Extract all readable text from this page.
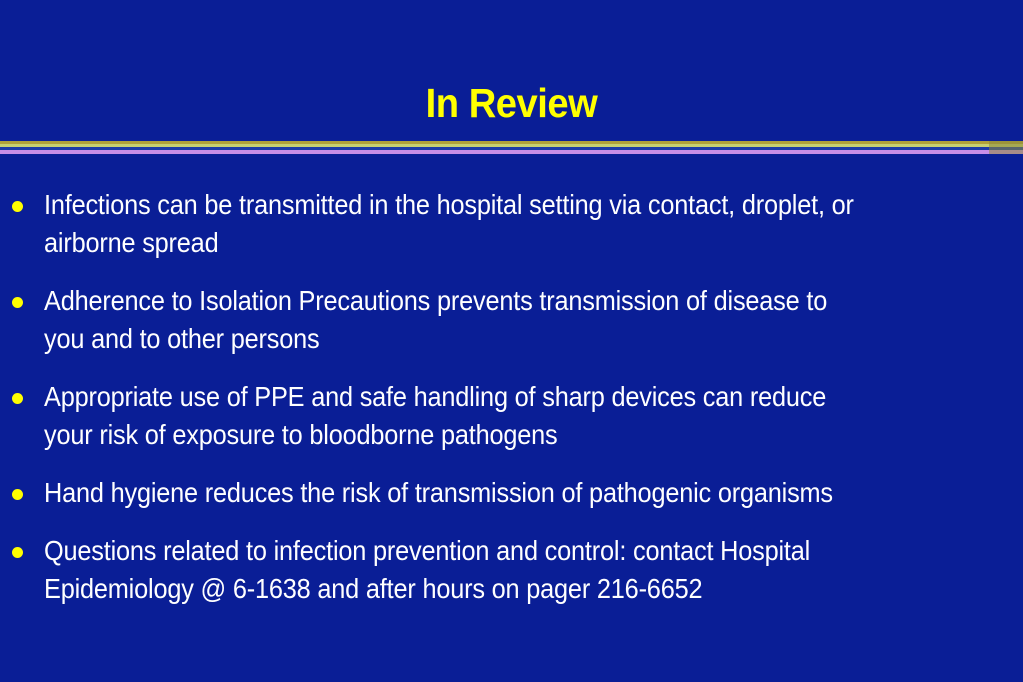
In Review
Infections can be transmitted in the hospital setting via contact, droplet, or
airborne spread
Adherence to Isolation Precautions prevents transmission of disease to
you and to other persons
Appropriate use of PPE and safe handling of sharp devices can reduce
your risk of exposure to bloodborne pathogens
Hand hygiene reduces the risk of transmission of pathogenic organisms
Questions related to infection prevention and control: contact Hospital
Epidemiology @ 6-1638 and after hours on pager 216-6652
